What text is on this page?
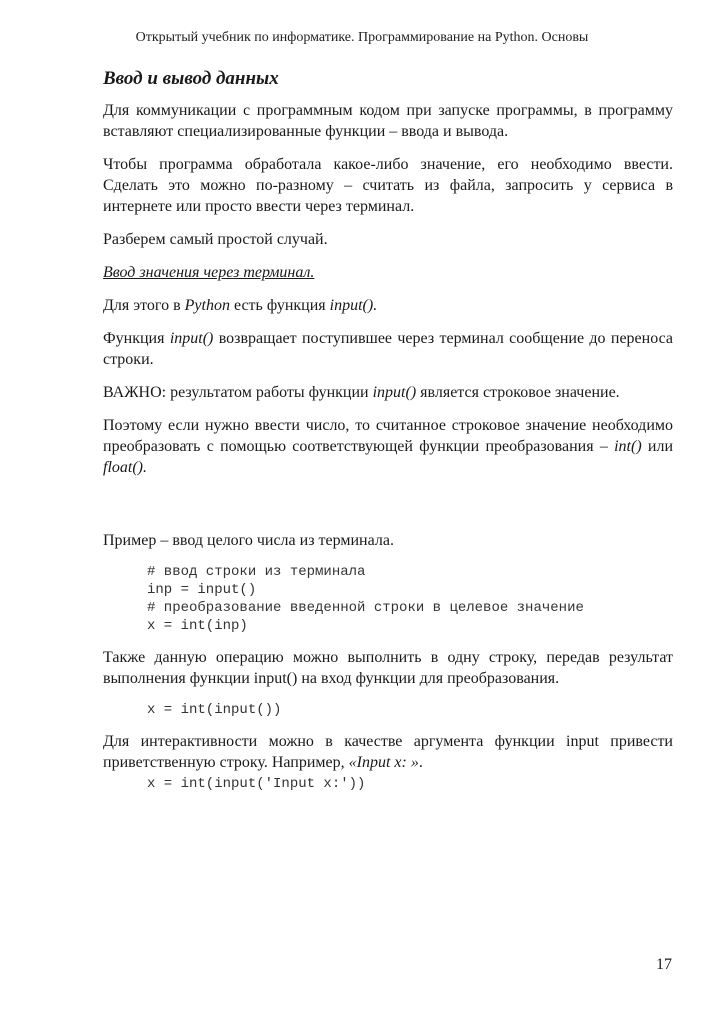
Открытый учебник по информатике. Программирование на Python. Основы
Ввод и вывод данных

Для коммуникации с программным кодом при запуске программы, в программу вставляют специализированные функции – ввода и вывода.

Чтобы программа обработала какое-либо значение, его необходимо ввести. Сделать это можно по-разному – считать из файла, запросить у сервиса в интернете или просто ввести через терминал.

Разберем самый простой случай.

Ввод значения через терминал.

Для этого в Python есть функция input().

Функция input() возвращает поступившее через терминал сообщение до переноса строки.

ВАЖНО: результатом работы функции input() является строковое значение.

Поэтому если нужно ввести число, то считанное строковое значение необходимо преобразовать с помощью соответствующей функции преобразования – int() или float().

Пример – ввод целого числа из терминала.

# ввод строки из терминала
inp = input()
# преобразование введенной строки в целевое значение
x = int(inp)

Также данную операцию можно выполнить в одну строку, передав результат выполнения функции input() на вход функции для преобразования.

x = int(input())

Для интерактивности можно в качестве аргумента функции input привести приветственную строку. Например, «Input x: ».

x = int(input('Input x:'))
17
